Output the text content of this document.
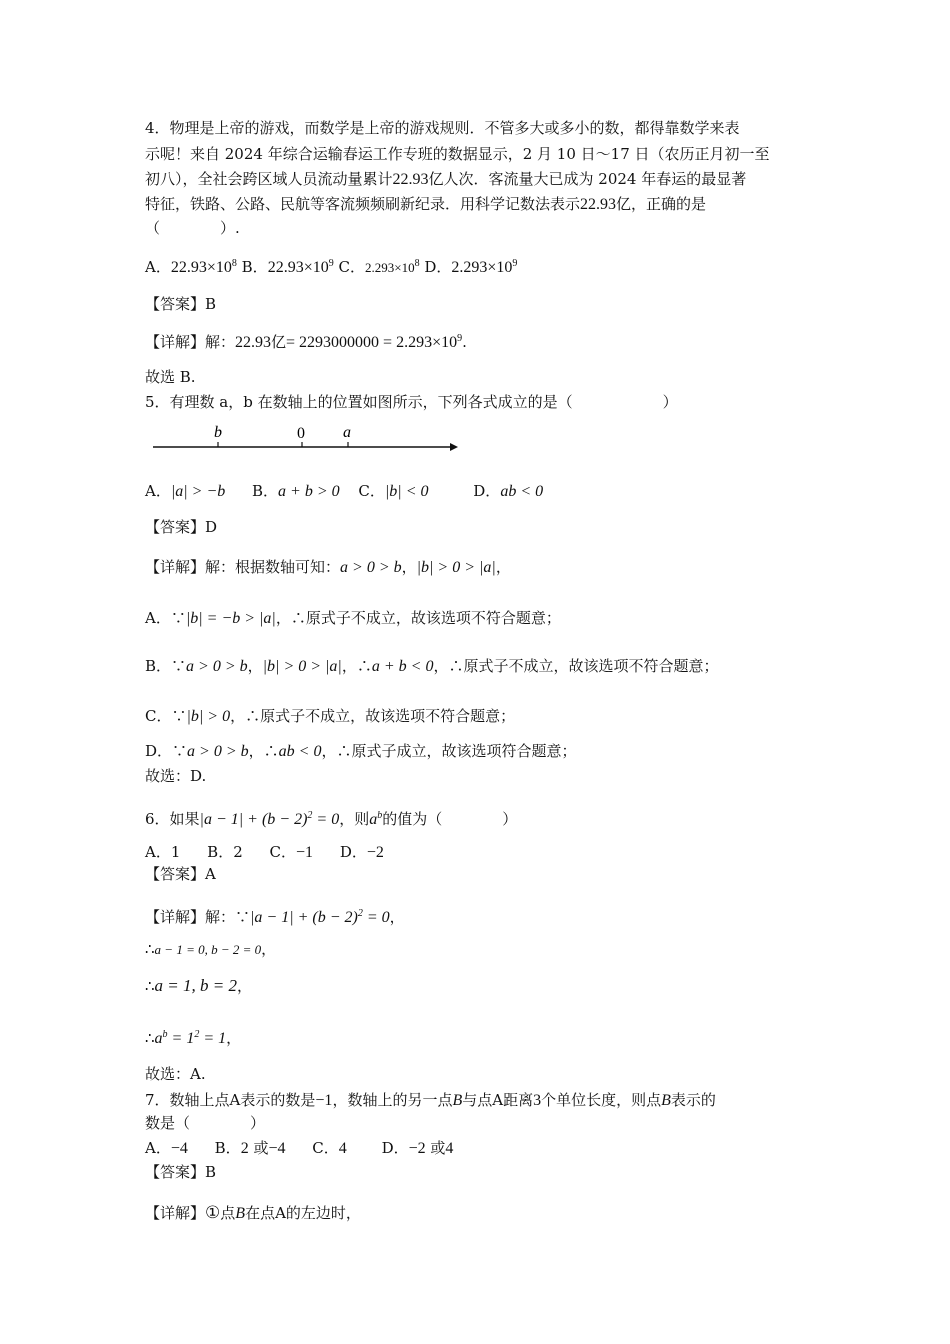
4．物理是上帝的游戏，而数学是上帝的游戏规则．不管多大或多小的数，都得靠数学来表
示呢！来自 2024 年综合运输春运工作专班的数据显示，2 月 10 日～17 日（农历正月初一至
初八），全社会跨区域人员流动量累计22.93亿人次．客流量大已成为 2024 年春运的最显著
特征，铁路、公路、民航等客流频频刷新纪录．用科学记数法表示22.93亿，正确的是
（　　　　）.
A．$22.93\times 10^8$ B．$22.93\times 10^9$ C．$2.293\times 10^8$ D．$2.293\times 10^9$
【答案】B
【详解】解：22.93亿= $2293000000 = 2.293\times 10^9$.
故选 B.
5．有理数 a，b 在数轴上的位置如图所示，下列各式成立的是（　　　　　　）
b	0 a
A．|a| > −b B．a + b > 0 C．|b| < 0	D．ab < 0
【答案】D
【详解】解：根据数轴可知：a > 0 > b，|b| > 0 > |a|，
A．∵|b| = −b > |a|，∴原式子不成立，故该选项不符合题意；
B．∵a > 0 > b，|b| > 0 > |a|，∴a + b < 0，∴原式子不成立，故该选项不符合题意；
C．∵|b| > 0，∴原式子不成立，故该选项不符合题意；
D．∵a > 0 > b，∴ab < 0，∴原式子成立，故该选项符合题意；
故选：D.
6．如果$|a - 1| + (b - 2)^2 = 0$，则$a^b$的值为（　　　　）
A．1 B．2 C．−1 D．−2
【答案】A
【详解】解：∵|a − $1| + (b - 2)^2 = 0$，
∴a − 1 = 0, b − 2 = 0，
∴a = 1, b = 2，
$\therefore a^b = 1^2 = 1$，
故选：A.
7．数轴上点A表示的数是−1，数轴上的另一点B与点A距离3个单位长度，则点B表示的
数是（　　　　）
A．−4 B．2 或−4 C．4 D．−2 或4
【答案】B
【详解】①点B在点A的左边时，
